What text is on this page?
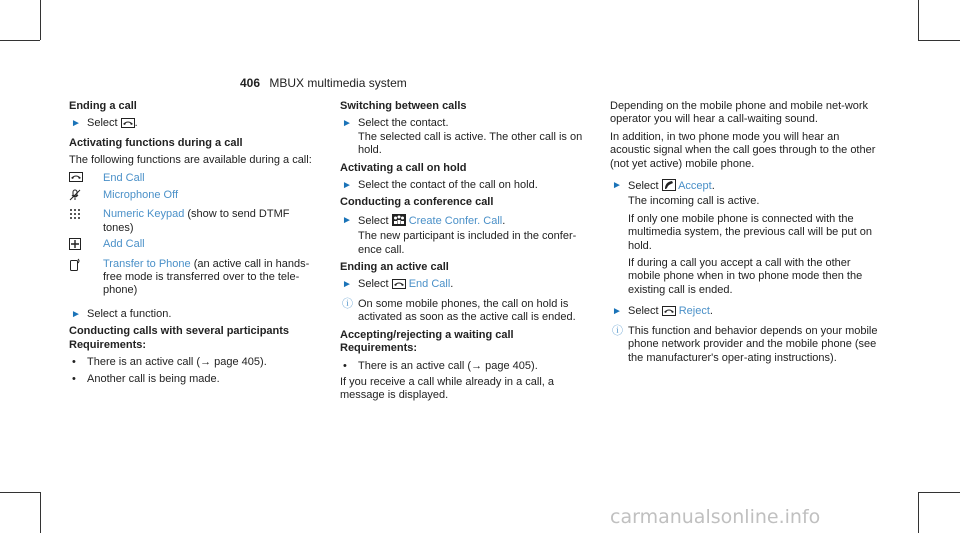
406 MBUX multimedia system
Ending a call
► Select .
Activating functions during a call
The following functions are available during a call:
End Call
Microphone Off
Numeric Keypad (show to send DTMF tones)
Add Call
Transfer to Phone (an active call in hands-free mode is transferred over to the tele-phone)
► Select a function.
Conducting calls with several participants
Requirements:
• There is an active call (→ page 405).
• Another call is being made.
Switching between calls
► Select the contact.
The selected call is active. The other call is on hold.
Activating a call on hold
► Select the contact of the call on hold.
Conducting a conference call
► Select Create Confer. Call.
The new participant is included in the confer-ence call.
Ending an active call
► Select End Call.
ⓘ On some mobile phones, the call on hold is activated as soon as the active call is ended.
Accepting/rejecting a waiting call
Requirements:
• There is an active call (→ page 405).
If you receive a call while already in a call, a message is displayed.
Depending on the mobile phone and mobile net-work operator you will hear a call-waiting sound.
In addition, in two phone mode you will hear an acoustic signal when the call goes through to the other (not yet active) mobile phone.
► Select Accept.
The incoming call is active.
If only one mobile phone is connected with the multimedia system, the previous call will be put on hold.
If during a call you accept a call with the other mobile phone when in two phone mode then the existing call is ended.
► Select Reject.
ⓘ This function and behavior depends on your mobile phone network provider and the mobile phone (see the manufacturer's oper-ating instructions).
carmanualsonline.info
